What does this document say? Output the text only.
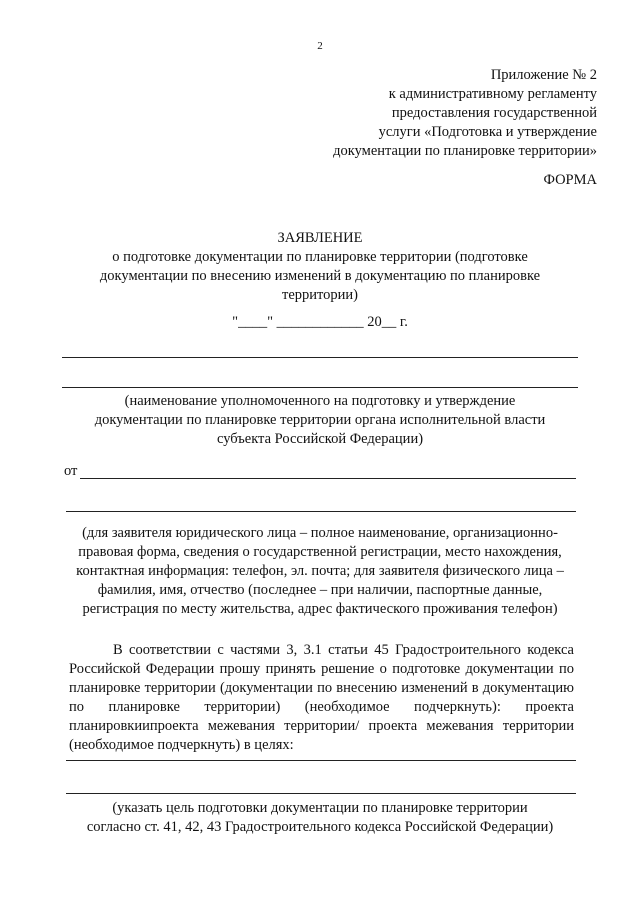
2
Приложение № 2
к административному регламенту
предоставления государственной
услуги «Подготовка и утверждение
документации по планировке территории»
ФОРМА
ЗАЯВЛЕНИЕ
о подготовке документации по планировке территории (подготовке
документации по внесению изменений в документацию по планировке
территории)
"____" ____________ 20__ г.
(наименование уполномоченного на подготовку и утверждение
документации по планировке территории органа исполнительной власти
субъекта Российской Федерации)
от
(для заявителя юридического лица – полное наименование, организационно-
правовая форма, сведения о государственной регистрации, место нахождения,
контактная информация: телефон, эл. почта; для заявителя физического лица –
фамилия, имя, отчество (последнее – при наличии, паспортные данные,
регистрация по месту жительства, адрес фактического проживания телефон)

В соответствии с частями 3, 3.1 статьи 45 Градостроительного кодекса Российской Федерации прошу принять решение о подготовке документации по планировке территории (документации по внесению изменений в документацию по планировке территории) (необходимое подчеркнуть): проекта планировкиипроекта межевания территории/ проекта межевания территории (необходимое подчеркнуть) в целях:

(указать цель подготовки документации по планировке территории
согласно ст. 41, 42, 43 Градостроительного кодекса Российской Федерации)
